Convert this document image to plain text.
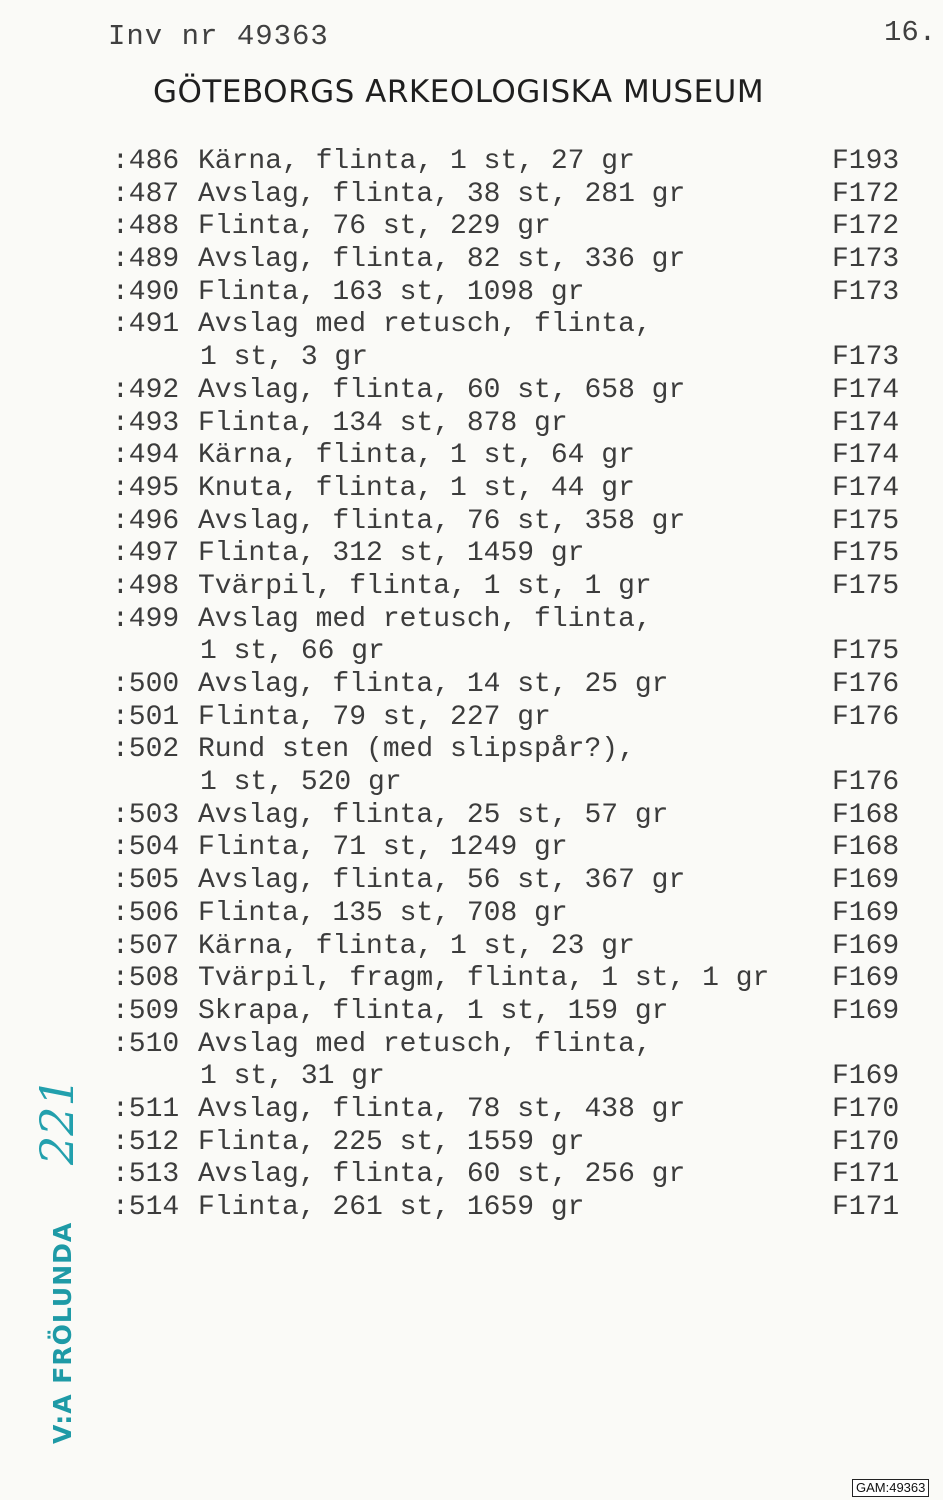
Inv nr 49363	16.
GÖTEBORGS ARKEOLOGISKA MUSEUM
:486 Kärna, flinta, 1 st, 27 gr	F193
:487 Avslag, flinta, 38 st, 281 gr	F172
:488 Flinta, 76 st, 229 gr	F172
:489 Avslag, flinta, 82 st, 336 gr	F173
:490 Flinta, 163 st, 1098 gr	F173
:491 Avslag med retusch, flinta,
1 st, 3 gr	F173
:492 Avslag, flinta, 60 st, 658 gr	F174
:493 Flinta, 134 st, 878 gr	F174
:494 Kärna, flinta, 1 st, 64 gr	F174
:495 Knuta, flinta, 1 st, 44 gr	F174
:496 Avslag, flinta, 76 st, 358 gr	F175
:497 Flinta, 312 st, 1459 gr	F175
:498 Tvärpil, flinta, 1 st, 1 gr	F175
:499 Avslag med retusch, flinta,
1 st, 66 gr	F175
:500 Avslag, flinta, 14 st, 25 gr	F176
:501 Flinta, 79 st, 227 gr	F176
:502 Rund sten (med slipspår?),
1 st, 520 gr	F176
:503 Avslag, flinta, 25 st, 57 gr	F168
:504 Flinta, 71 st, 1249 gr	F168
:505 Avslag, flinta, 56 st, 367 gr	F169
:506 Flinta, 135 st, 708 gr	F169
:507 Kärna, flinta, 1 st, 23 gr	F169
:508 Tvärpil, fragm, flinta, 1 st, 1 gr F169
:509 Skrapa, flinta, 1 st, 159 gr	F169
:510 Avslag med retusch, flinta,
1 st, 31 gr	F169
:511 Avslag, flinta, 78 st, 438 gr	F170
:512 Flinta, 225 st, 1559 gr	F170
:513 Avslag, flinta, 60 st, 256 gr	F171
:514 Flinta, 261 st, 1659 gr	F171
V:A FRÖLUNDA
221
GAM:49363
